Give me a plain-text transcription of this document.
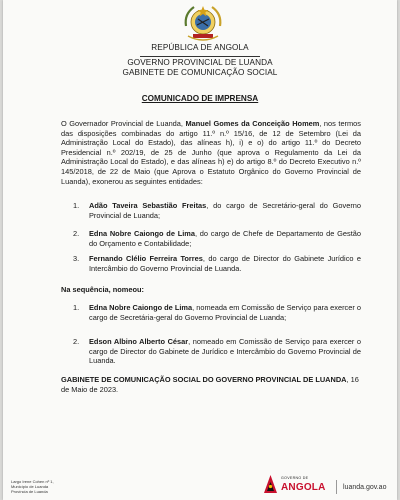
REPÚBLICA DE ANGOLA
GOVERNO PROVINCIAL DE LUANDA
GABINETE DE COMUNICAÇÃO SOCIAL
COMUNICADO DE IMPRENSA
O Governador Provincial de Luanda, Manuel Gomes da Conceição Homem, nos termos das disposições combinadas do artigo 11.º n.º 15/16, de 12 de Setembro (Lei da Administração Local do Estado), das alíneas h), i) e o) do artigo 11.º do Decreto Presidencial n.º 202/19, de 25 de Junho (que aprova o Regulamento da Lei da Administração Local do Estado), e das alíneas h) e) do artigo 8.º do Decreto Executivo n.º 145/2018, de 22 de Maio (que Aprova o Estatuto Orgânico do Governo Provincial de Luanda), exonerou as seguintes entidades:
1.	Adão Taveira Sebastião Freitas, do cargo de Secretário-geral do Governo Provincial de Luanda;
2.	Edna Nobre Caiongo de Lima, do cargo de Chefe de Departamento de Gestão do Orçamento e Contabilidade;
3.	Fernando Clélio Ferreira Torres, do cargo de Director do Gabinete Jurídico e Intercâmbio do Governo Provincial de Luanda.
Na sequência, nomeou:
1.	Edna Nobre Caiongo de Lima, nomeada em Comissão de Serviço para exercer o cargo de Secretária-geral do Governo Provincial de Luanda;
2.	Edson Albino Alberto César, nomeado em Comissão de Serviço para exercer o cargo de Director do Gabinete de Jurídico e Intercâmbio do Governo Provincial de Luanda.
GABINETE DE COMUNICAÇÃO SOCIAL DO GOVERNO PROVINCIAL DE LUANDA, 16 de Maio de 2023.
Largo Irene Cohen nº 1,
Município de Luanda
Província de Luanda
GOVERNO DE
ANGOLA luanda.gov.ao
